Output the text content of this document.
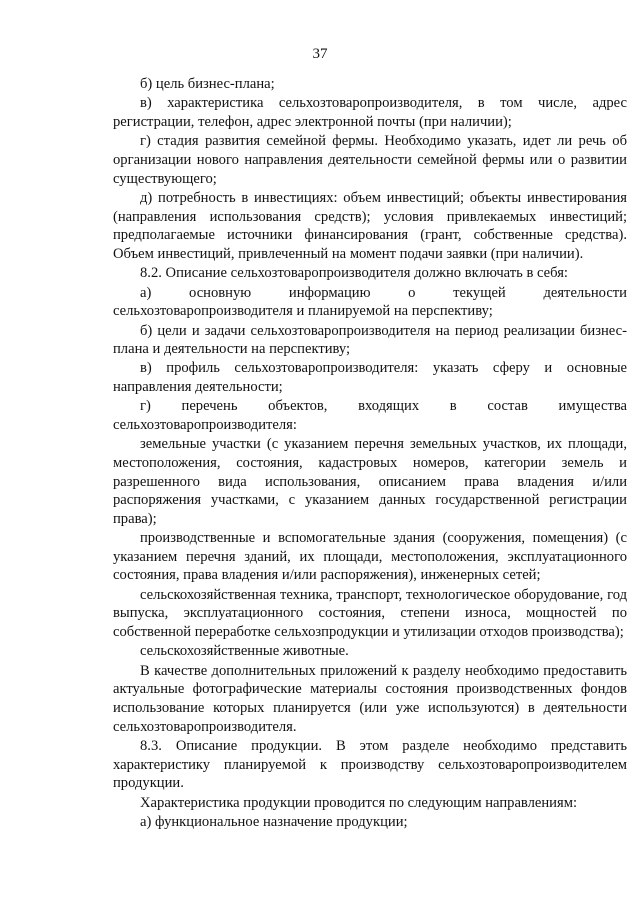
37

б) цель бизнес-плана;

в) характеристика сельхозтоваропроизводителя, в том числе, адрес регистрации, телефон, адрес электронной почты (при наличии);

г) стадия развития семейной фермы. Необходимо указать, идет ли речь об организации нового направления деятельности семейной фермы или о развитии существующего;

д) потребность в инвестициях: объем инвестиций; объекты инвестирования (направления использования средств); условия привлекаемых инвестиций; предполагаемые источники финансирования (грант, собственные средства). Объем инвестиций, привлеченный на момент подачи заявки (при наличии).

8.2. Описание сельхозтоваропроизводителя должно включать в себя:

а) основную информацию о текущей деятельности сельхозтоваропроизводителя и планируемой на перспективу;

б) цели и задачи сельхозтоваропроизводителя на период реализации бизнес-плана и деятельности на перспективу;

в) профиль сельхозтоваропроизводителя: указать сферу и основные направления деятельности;

г) перечень объектов, входящих в состав имущества сельхозтоваропроизводителя:

земельные участки (с указанием перечня земельных участков, их площади, местоположения, состояния, кадастровых номеров, категории земель и разрешенного вида использования, описанием права владения и/или распоряжения участками, с указанием данных государственной регистрации права);

производственные и вспомогательные здания (сооружения, помещения) (с указанием перечня зданий, их площади, местоположения, эксплуатационного состояния, права владения и/или распоряжения), инженерных сетей;

сельскохозяйственная техника, транспорт, технологическое оборудование, год выпуска, эксплуатационного состояния, степени износа, мощностей по собственной переработке сельхозпродукции и утилизации отходов производства);

сельскохозяйственные животные.

В качестве дополнительных приложений к разделу необходимо предоставить актуальные фотографические материалы состояния производственных фондов использование которых планируется (или уже используются) в деятельности сельхозтоваропроизводителя.

8.3. Описание продукции. В этом разделе необходимо представить характеристику планируемой к производству сельхозтоваропроизводителем продукции.

Характеристика продукции проводится по следующим направлениям:

а) функциональное назначение продукции;
